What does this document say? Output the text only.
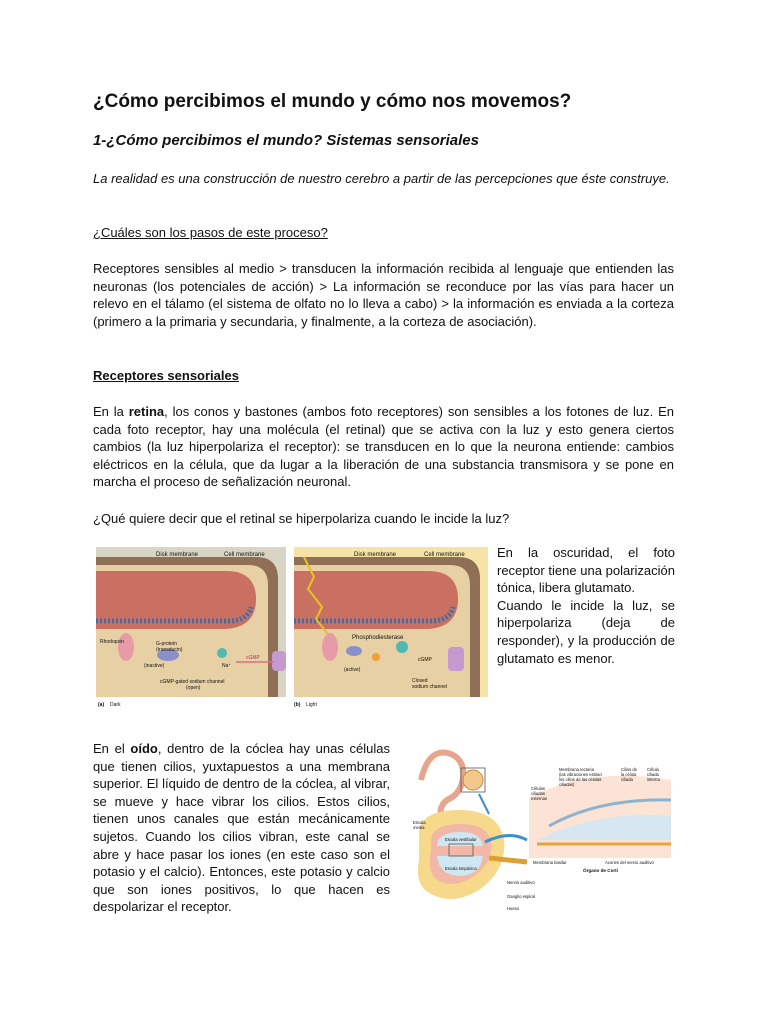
¿Cómo percibimos el mundo y cómo nos movemos?
1-¿Cómo percibimos el mundo? Sistemas sensoriales
La realidad es una construcción de nuestro cerebro a partir de las percepciones que éste construye.
¿Cuáles son los pasos de este proceso?
Receptores sensibles al medio > transducen la información recibida al lenguaje que entienden las neuronas (los potenciales de acción) > La información se reconduce por las vías para hacer un relevo en el tálamo (el sistema de olfato no lo lleva a cabo) > la información es enviada a la corteza (primero a la primaria y secundaria, y finalmente, a la corteza de asociación).
Receptores sensoriales
En la retina, los conos y bastones (ambos foto receptores) son sensibles a los fotones de luz. En cada foto receptor, hay una molécula (el retinal) que se activa con la luz y esto genera ciertos cambios (la luz hiperpolariza el receptor): se transducen en lo que la neurona entiende: cambios eléctricos en la célula, que da lugar a la liberación de una substancia transmisora y se pone en marcha el proceso de señalización neuronal.
¿Qué quiere decir que el retinal se hiperpolariza cuando le incide la luz?
Disk membrane	Cell membrane
Rhodopsin	G-protein
(transducin)
(inactive)	Na⁺
cGMP
cGMP-gated sodium channel
(open)
(a) Dark
Disk membrane	Cell membrane
Phosphodiesterase
(active)
cGMP
Closed
sodium channel
(b) Light
En la oscuridad, el foto receptor tiene una polarización tónica, libera glutamato.
Cuando le incide la luz, se hiperpolariza (deja de responder), y la producción de glutamato es menor.
En el oído, dentro de la cóclea hay unas células que tienen cilios, yuxtapuestos a una membrana superior. El líquido de dentro de la cóclea, al vibrar, se mueve y hace vibrar los cilios. Estos cilios, tienen unos canales que están mecánicamente sujetos. Cuando los cilios vibran, este canal se abre y hace pasar los iones (en este caso son el potasio y el calcio). Entonces, este potasio y calcio que son iones positivos, lo que hacen es despolarizar el receptor.
Membrana tectoria
(las vibraciones estiran
los cilios de las células
ciliadas)
Cilios de
la célula
ciliada
Célula
ciliada
interna
Células
ciliadas
externas
Escala
media
Escala vestibular
Escala timpánica
Membrana basilar	Axones del nervio auditivo
Órgano de Corti
Nervio auditivo
Ganglio espiral
Hueso
